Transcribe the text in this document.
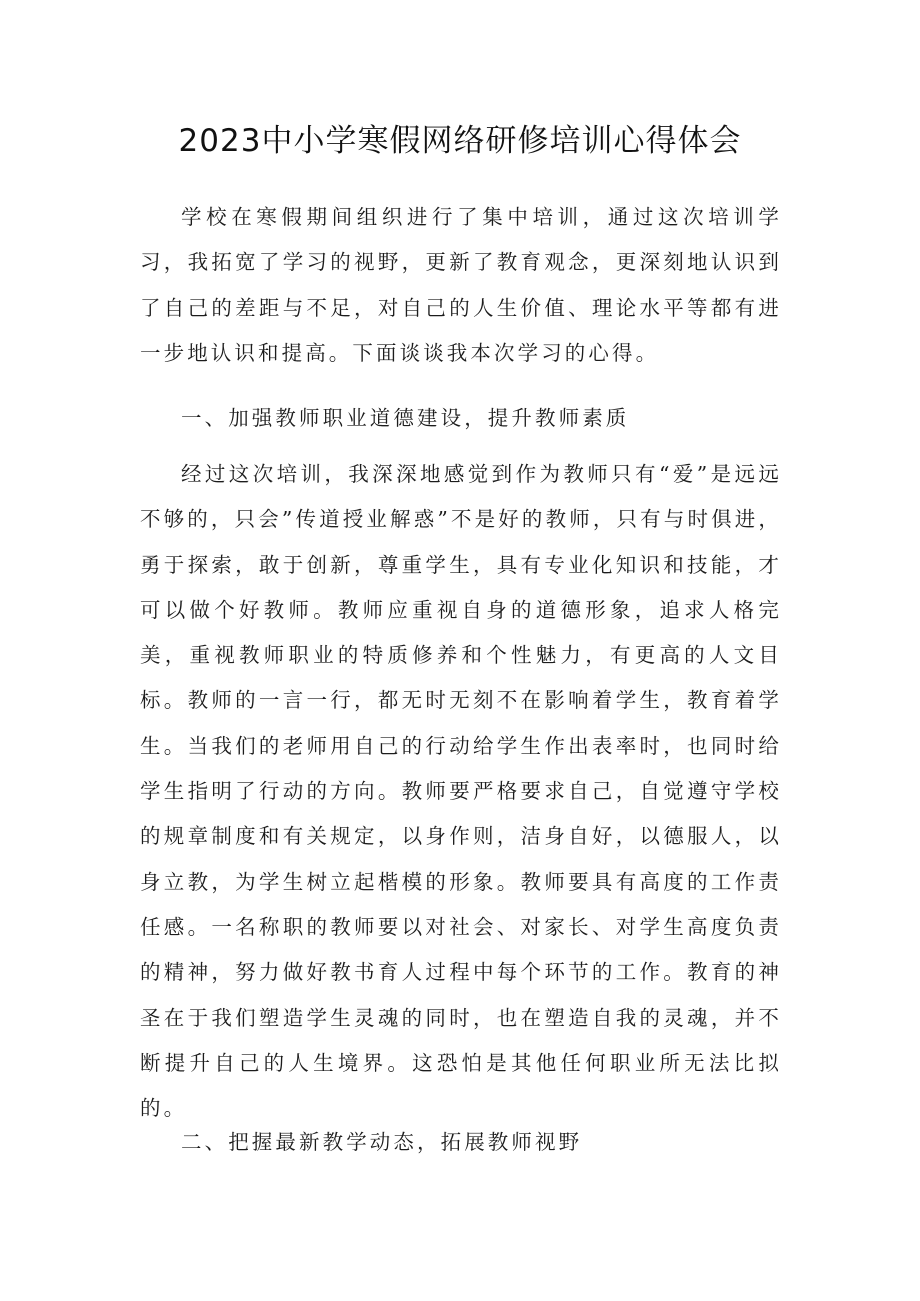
2023中小学寒假网络研修培训心得体会

学校在寒假期间组织进行了集中培训，通过这次培训学习，我拓宽了学习的视野，更新了教育观念，更深刻地认识到了自己的差距与不足，对自己的人生价值、理论水平等都有进一步地认识和提高。下面谈谈我本次学习的心得。

一、加强教师职业道德建设，提升教师素质

经过这次培训，我深深地感觉到作为教师只有“爱”是远远不够的，只会”传道授业解惑”不是好的教师，只有与时俱进，勇于探索，敢于创新，尊重学生，具有专业化知识和技能，才可以做个好教师。教师应重视自身的道德形象，追求人格完美，重视教师职业的特质修养和个性魅力，有更高的人文目标。教师的一言一行，都无时无刻不在影响着学生，教育着学生。当我们的老师用自己的行动给学生作出表率时，也同时给学生指明了行动的方向。教师要严格要求自己，自觉遵守学校的规章制度和有关规定，以身作则，洁身自好，以德服人，以身立教，为学生树立起楷模的形象。教师要具有高度的工作责任感。一名称职的教师要以对社会、对家长、对学生高度负责的精神，努力做好教书育人过程中每个环节的工作。教育的神圣在于我们塑造学生灵魂的同时，也在塑造自我的灵魂，并不断提升自己的人生境界。这恐怕是其他任何职业所无法比拟的。

二、把握最新教学动态，拓展教师视野
